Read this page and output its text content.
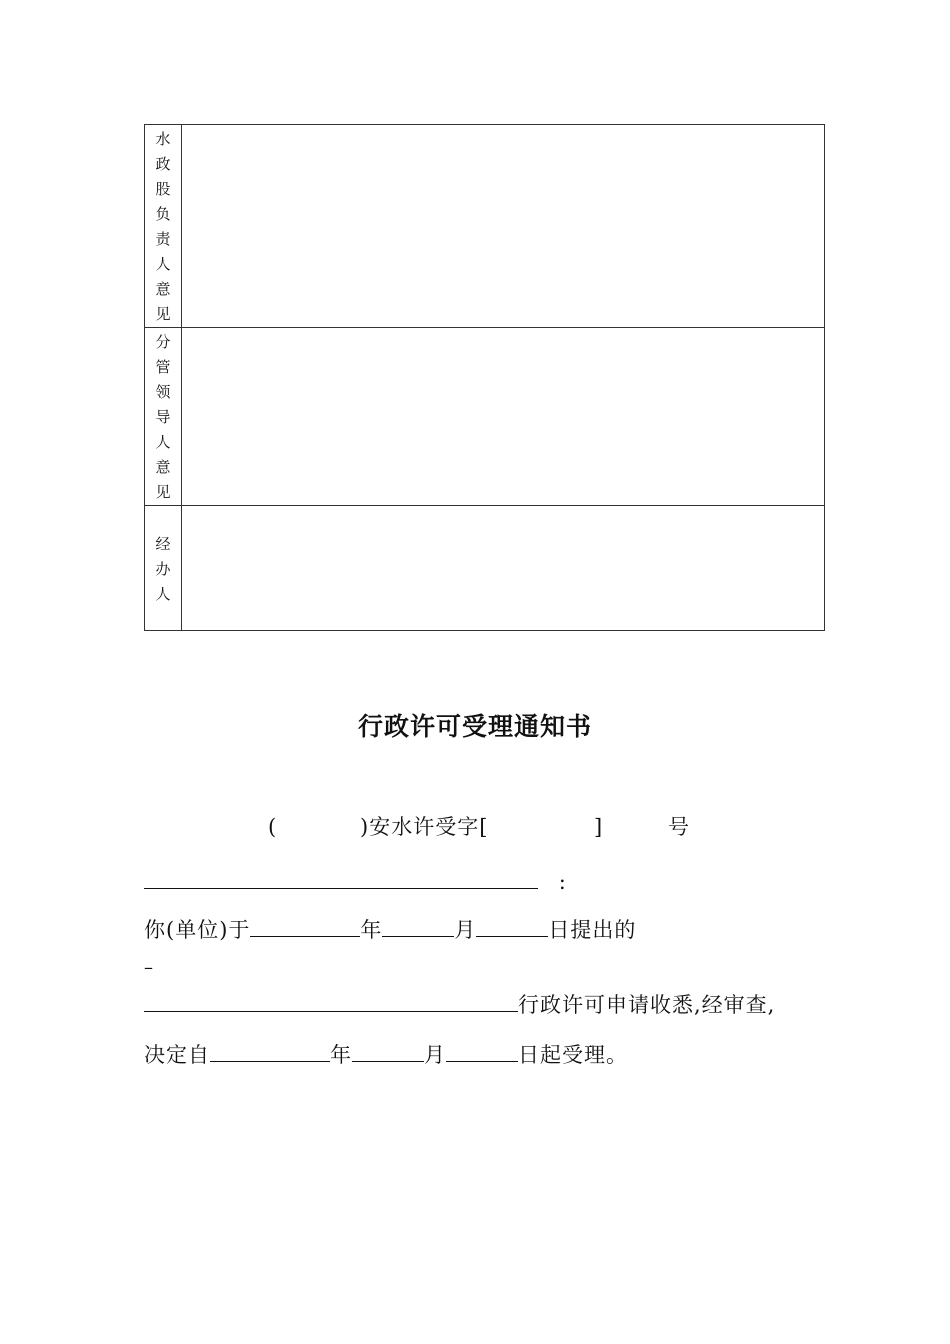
水政股负责人意见	

分管领导人意见	

经办人	

行政许可受理通知书
(	)安水许受字[	]	号
:
你(单位)于	年	月	日提出的
–
行政许可申请收悉,经审查,
决定自	年	月	日起受理。
